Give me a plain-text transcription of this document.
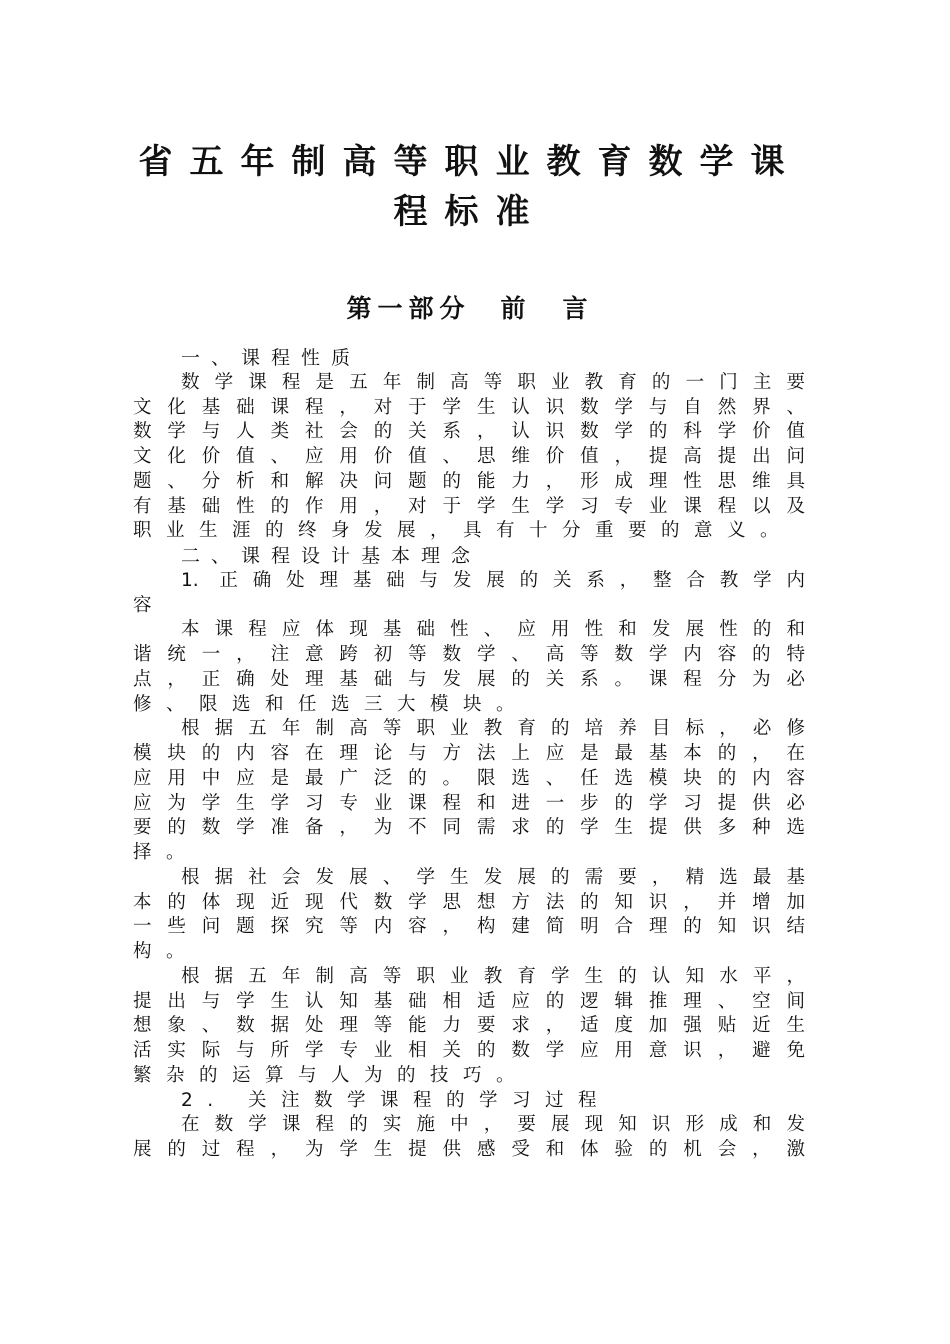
省五年制高等职业教育数学课
程标准
第一部分 前　言
一、课程性质
数学课程是五年制高等职业教育的一门主要
文化基础课程，对于学生认识数学与自然界、
数学与人类社会的关系，认识数学的科学价值
文化价值、应用价值、思维价值，提高提出问
题、分析和解决问题的能力，形成理性思维具
有基础性的作用，对于学生学习专业课程以及
职业生涯的终身发展，具有十分重要的意义。
二、课程设计基本理念
1. 正确处理基础与发展的关系，整合教学内
容
本课程应体现基础性、应用性和发展性的和
谐统一，注意跨初等数学、高等数学内容的特
点，正确处理基础与发展的关系。课程分为必
修、限选和任选三大模块。
根据五年制高等职业教育的培养目标，必修
模块的内容在理论与方法上应是最基本的，在
应用中应是最广泛的。限选、任选模块的内容
应为学生学习专业课程和进一步的学习提供必
要的数学准备，为不同需求的学生提供多种选
择。
根据社会发展、学生发展的需要，精选最基
本的体现近现代数学思想方法的知识，并增加
一些问题探究等内容，构建简明合理的知识结
构。
根据五年制高等职业教育学生的认知水平，
提出与学生认知基础相适应的逻辑推理、空间
想象、数据处理等能力要求，适度加强贴近生
活实际与所学专业相关的数学应用意识，避免
繁杂的运算与人为的技巧。
2. 关注数学课程的学习过程
在数学课程的实施中，要展现知识形成和发
展的过程，为学生提供感受和体验的机会，激
